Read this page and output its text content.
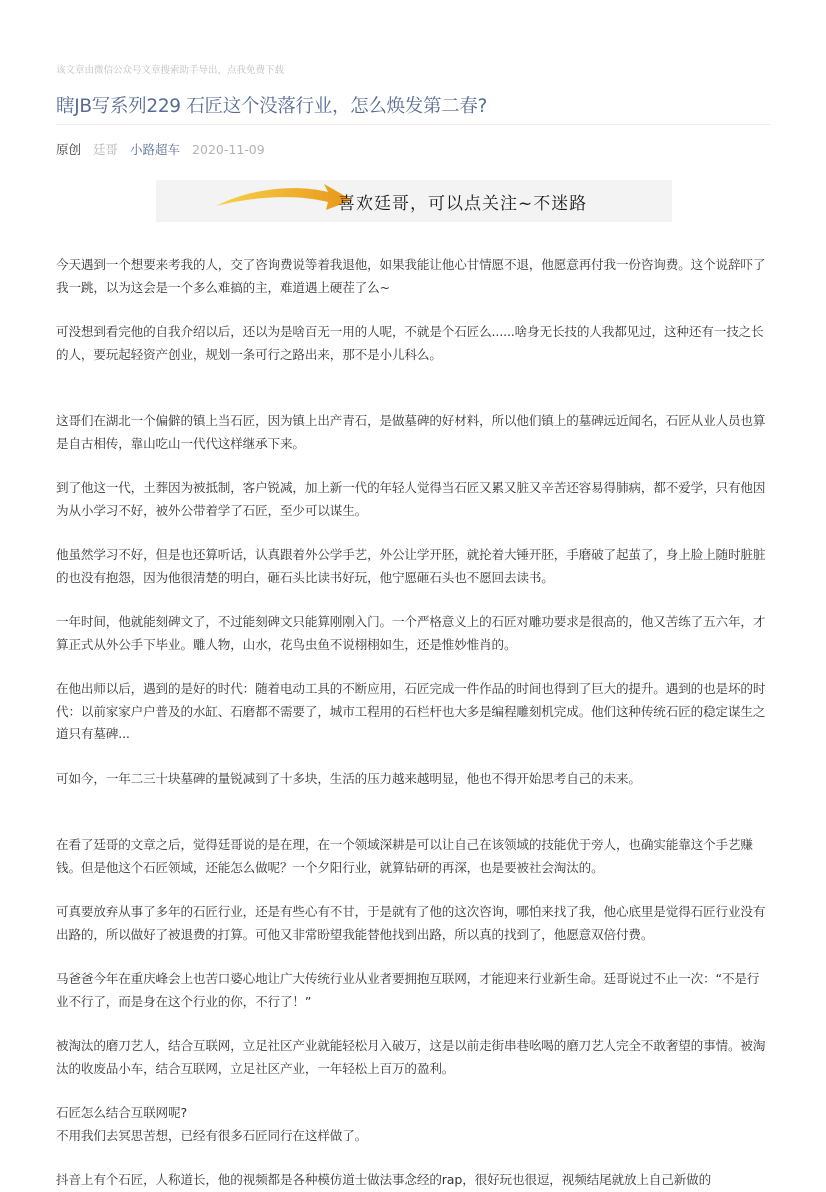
该文章由微信公众号文章搜索助手导出，点我免费下载
瞎JB写系列229 石匠这个没落行业，怎么焕发第二春?
原创 廷哥 小路超车 2020-11-09
喜欢廷哥，可以点关注~不迷路

今天遇到一个想要来考我的人，交了咨询费说等着我退他，如果我能让他心甘情愿不退，他愿意再付我一份咨询费。这个说辞吓了我一跳，以为这会是一个多么难搞的主，难道遇上硬茬了么~

可没想到看完他的自我介绍以后，还以为是啥百无一用的人呢，不就是个石匠么......啥身无长技的人我都见过，这种还有一技之长的人，要玩起轻资产创业，规划一条可行之路出来，那不是小儿科么。

这哥们在湖北一个偏僻的镇上当石匠，因为镇上出产青石，是做墓碑的好材料，所以他们镇上的墓碑远近闻名，石匠从业人员也算是自古相传，靠山吃山一代代这样继承下来。

到了他这一代，土葬因为被抵制，客户锐减，加上新一代的年轻人觉得当石匠又累又脏又辛苦还容易得肺病，都不爱学，只有他因为从小学习不好，被外公带着学了石匠，至少可以谋生。

他虽然学习不好，但是也还算听话，认真跟着外公学手艺，外公让学开胚，就抡着大锤开胚，手磨破了起茧了，身上脸上随时脏脏的也没有抱怨，因为他很清楚的明白，砸石头比读书好玩，他宁愿砸石头也不愿回去读书。

一年时间，他就能刻碑文了，不过能刻碑文只能算刚刚入门。一个严格意义上的石匠对雕功要求是很高的，他又苦练了五六年，才算正式从外公手下毕业。雕人物，山水，花鸟虫鱼不说栩栩如生，还是惟妙惟肖的。

在他出师以后，遇到的是好的时代：随着电动工具的不断应用，石匠完成一件作品的时间也得到了巨大的提升。遇到的也是坏的时代：以前家家户户普及的水缸、石磨都不需要了，城市工程用的石栏杆也大多是编程雕刻机完成。他们这种传统石匠的稳定谋生之道只有墓碑...

可如今，一年二三十块墓碑的量锐减到了十多块，生活的压力越来越明显，他也不得开始思考自己的未来。

在看了廷哥的文章之后，觉得廷哥说的是在理，在一个领域深耕是可以让自己在该领域的技能优于旁人，也确实能靠这个手艺赚钱。但是他这个石匠领域，还能怎么做呢？一个夕阳行业，就算钻研的再深，也是要被社会淘汰的。

可真要放弃从事了多年的石匠行业，还是有些心有不甘，于是就有了他的这次咨询，哪怕来找了我，他心底里是觉得石匠行业没有出路的，所以做好了被退费的打算。可他又非常盼望我能替他找到出路，所以真的找到了，他愿意双倍付费。

马爸爸今年在重庆峰会上也苦口婆心地让广大传统行业从业者要拥抱互联网，才能迎来行业新生命。廷哥说过不止一次：“不是行业不行了，而是身在这个行业的你，不行了！”

被淘汰的磨刀艺人，结合互联网，立足社区产业就能轻松月入破万，这是以前走街串巷吆喝的磨刀艺人完全不敢奢望的事情。被淘汰的收废品小车，结合互联网，立足社区产业，一年轻松上百万的盈利。

石匠怎么结合互联网呢?

不用我们去冥思苦想，已经有很多石匠同行在这样做了。

抖音上有个石匠，人称道长，他的视频都是各种模仿道士做法事念经的rap，很好玩也很逗，视频结尾就放上自己新做的
